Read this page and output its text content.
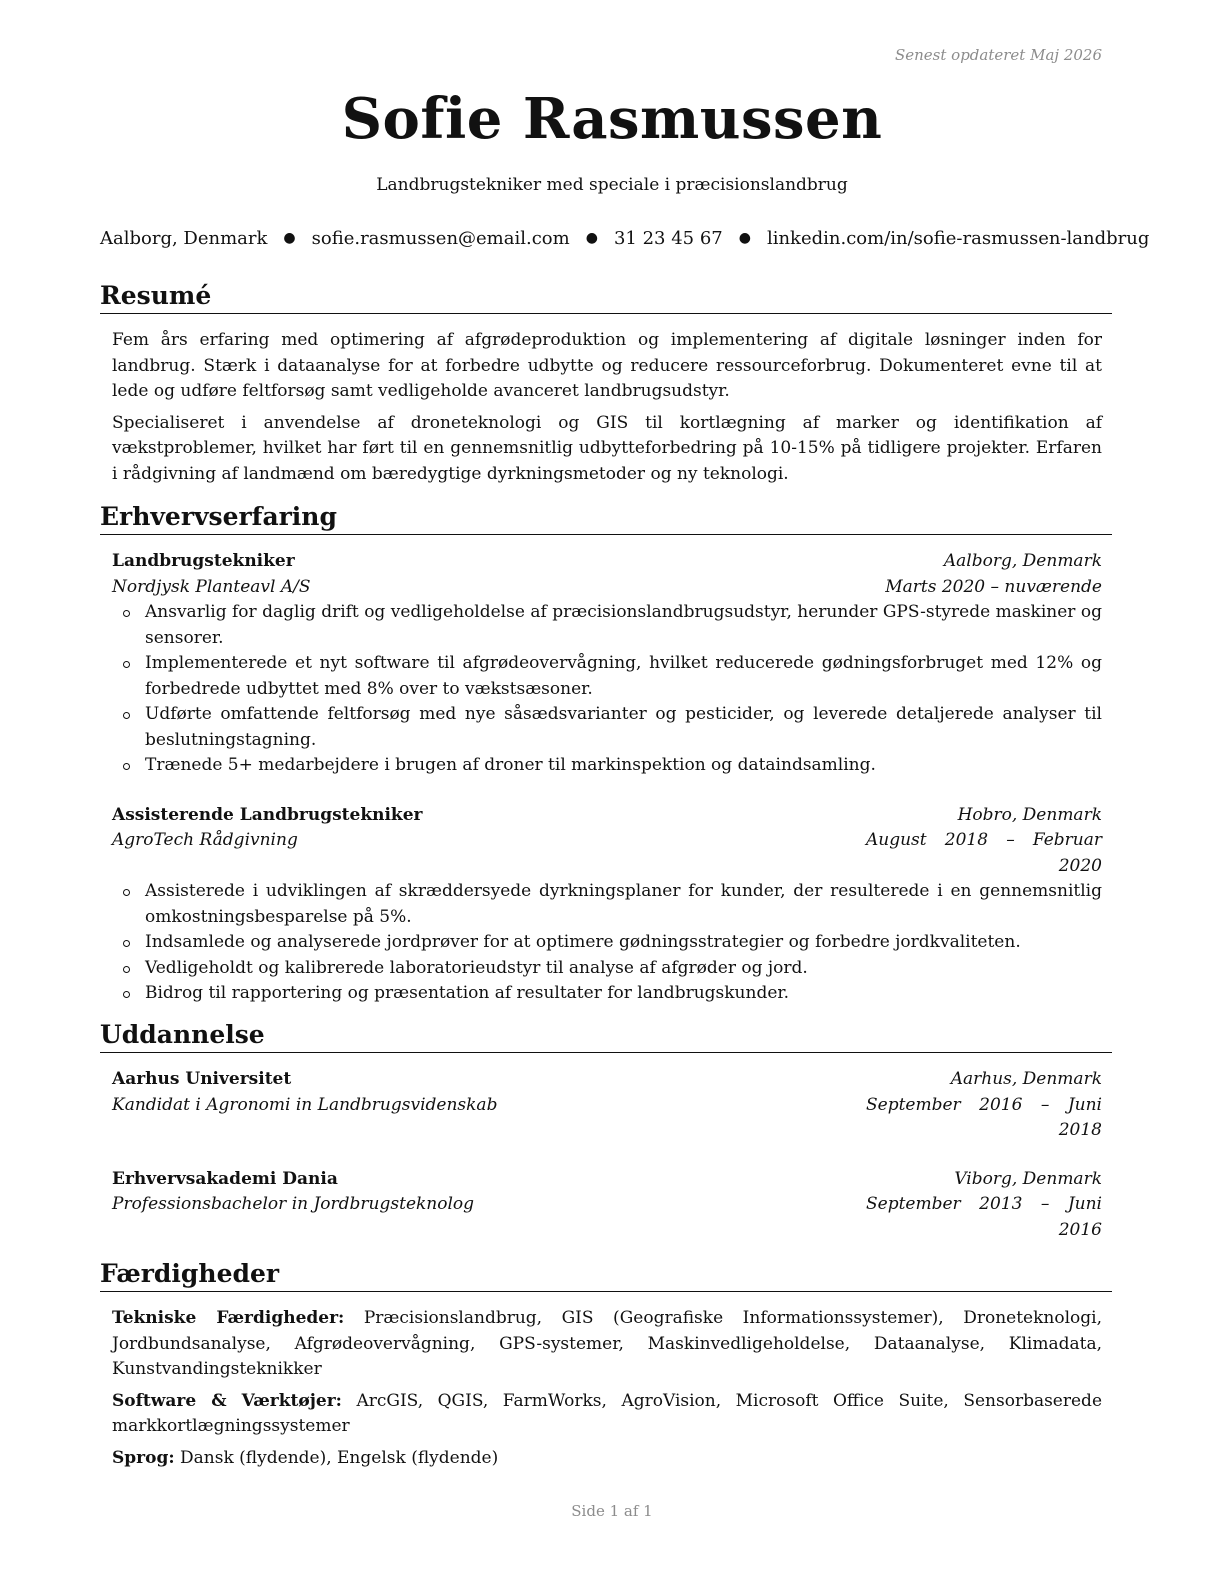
Senest opdateret Maj 2026
Sofie Rasmussen
Landbrugstekniker med speciale i præcisionslandbrug
Aalborg, Denmark ● sofie.rasmussen@email.com ● 31 23 45 67 ● linkedin.com/in/sofie-rasmussen-landbrug
Resumé

Fem års erfaring med optimering af afgrødeproduktion og implementering af digitale løsninger inden for landbrug. Stærk i dataanalyse for at forbedre udbytte og reducere ressourceforbrug. Dokumenteret evne til at lede og udføre feltforsøg samt vedligeholde avanceret landbrugsudstyr.

Specialiseret i anvendelse af droneteknologi og GIS til kortlægning af marker og identifikation af vækstproblemer, hvilket har ført til en gennemsnitlig udbytteforbedring på 10-15% på tidligere projekter. Erfaren i rådgivning af landmænd om bæredygtige dyrkningsmetoder og ny teknologi.

Erhvervserfaring
Landbrugstekniker	Aalborg, Denmark
Nordjysk Planteavl A/S	Marts 2020 – nuværende
Ansvarlig for daglig drift og vedligeholdelse af præcisionslandbrugsudstyr, herunder GPS-styrede maskiner og sensorer.
Implementerede et nyt software til afgrødeovervågning, hvilket reducerede gødningsforbruget med 12% og forbedrede udbyttet med 8% over to vækstsæsoner.
Udførte omfattende feltforsøg med nye såsædsvarianter og pesticider, og leverede detaljerede analyser til beslutningstagning.
Trænede 5+ medarbejdere i brugen af droner til markinspektion og dataindsamling.
Assisterende Landbrugstekniker	Hobro, Denmark
AgroTech Rådgivning	August 2018 – Februar 2020
Assisterede i udviklingen af skræddersyede dyrkningsplaner for kunder, der resulterede i en gennemsnitlig omkostningsbesparelse på 5%.
Indsamlede og analyserede jordprøver for at optimere gødningsstrategier og forbedre jordkvaliteten.
Vedligeholdt og kalibrerede laboratorieudstyr til analyse af afgrøder og jord.
Bidrog til rapportering og præsentation af resultater for landbrugskunder.
Uddannelse
Aarhus Universitet	Aarhus, Denmark
Kandidat i Agronomi in Landbrugsvidenskab	September 2016 – Juni 2018
Erhvervsakademi Dania	Viborg, Denmark
Professionsbachelor in Jordbrugsteknolog	September 2013 – Juni 2016
Færdigheder

Tekniske Færdigheder: Præcisionslandbrug, GIS (Geografiske Informationssystemer), Droneteknologi, Jordbundsanalyse, Afgrødeovervågning, GPS-systemer, Maskinvedligeholdelse, Dataanalyse, Klimadata, Kunstvandingsteknikker

Software & Værktøjer: ArcGIS, QGIS, FarmWorks, AgroVision, Microsoft Office Suite, Sensorbaserede markkortlægningssystemer

Sprog: Dansk (flydende), Engelsk (flydende)

Side 1 af 1
